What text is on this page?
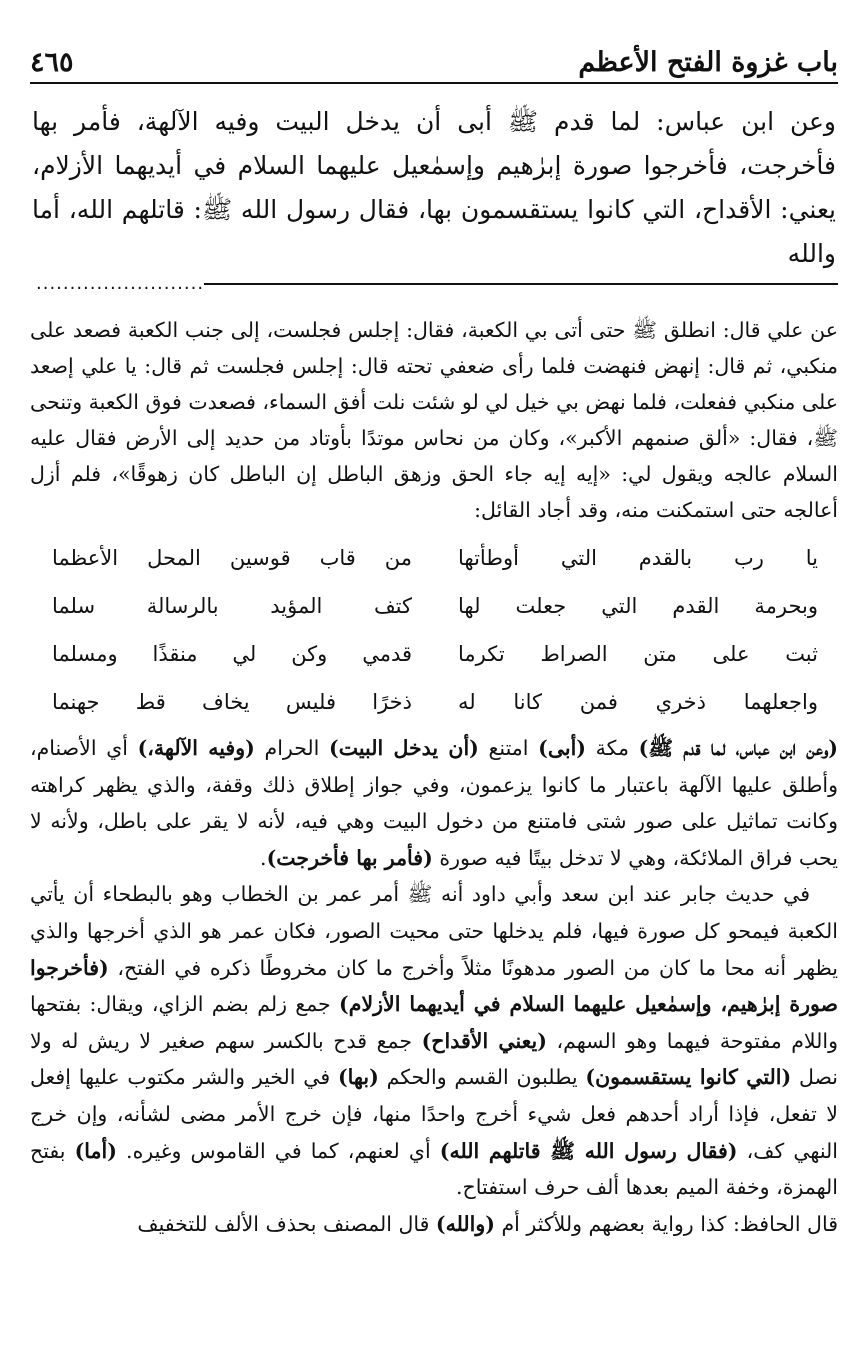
باب غزوة الفتح الأعظم
٤٦٥

وعن ابن عباس: لما قدم ﷺ أبى أن يدخل البيت وفيه الآلهة، فأمر بها فأخرجت، فأخرجوا صورة إبرٰهيم وإسمٰعيل عليهما السلام في أيديهما الأزلام، يعني: الأقداح، التي كانوا يستقسمون بها، فقال رسول الله ﷺ: قاتلهم الله، أما والله

.........................

عن علي قال: انطلق ﷺ حتى أتى بي الكعبة، فقال: إجلس فجلست، إلى جنب الكعبة فصعد على منكبي، ثم قال: إنهض فنهضت فلما رأى ضعفي تحته قال: إجلس فجلست ثم قال: يا علي إصعد على منكبي ففعلت، فلما نهض بي خيل لي لو شئت نلت أفق السماء، فصعدت فوق الكعبة وتنحى ﷺ، فقال: «ألق صنمهم الأكبر»، وكان من نحاس موتدًا بأوتاد من حديد إلى الأرض فقال عليه السلام عالجه ويقول لي: «إيه إيه جاء الحق وزهق الباطل إن الباطل كان زهوقًا»، فلم أزل أعالجه حتى استمكنت منه، وقد أجاد القائل:

يا رب بالقدم التي أوطأتها
من قاب قوسين المحل الأعظما
وبحرمة القدم التي جعلت لها
كتف المؤيد بالرسالة سلما
ثبت على متن الصراط تكرما
قدمي وكن لي منقذًا ومسلما
واجعلهما ذخري فمن كانا له
ذخرًا فليس يخاف قط جهنما

(وعن ابن عباس، لما قدم ﷺ) مكة (أبى) امتنع (أن يدخل البيت) الحرام (وفيه الآلهة،) أي الأصنام، وأطلق عليها الآلهة باعتبار ما كانوا يزعمون، وفي جواز إطلاق ذلك وقفة، والذي يظهر كراهته وكانت تماثيل على صور شتى فامتنع من دخول البيت وهي فيه، لأنه لا يقر على باطل، ولأنه لا يحب فراق الملائكة، وهي لا تدخل بيتًا فيه صورة (فأمر بها فأخرجت).

في حديث جابر عند ابن سعد وأبي داود أنه ﷺ أمر عمر بن الخطاب وهو بالبطحاء أن يأتي الكعبة فيمحو كل صورة فيها، فلم يدخلها حتى محيت الصور، فكان عمر هو الذي أخرجها والذي يظهر أنه محا ما كان من الصور مدهونًا مثلاً وأخرج ما كان مخروطًا ذكره في الفتح، (فأخرجوا صورة إبرٰهيم، وإسمٰعيل عليهما السلام في أيديهما الأزلام) جمع زلم بضم الزاي، ويقال: بفتحها واللام مفتوحة فيهما وهو السهم، (يعني الأقداح) جمع قدح بالكسر سهم صغير لا ريش له ولا نصل (التي كانوا يستقسمون) يطلبون القسم والحكم (بها) في الخير والشر مكتوب عليها إفعل لا تفعل، فإذا أراد أحدهم فعل شيء أخرج واحدًا منها، فإن خرج الأمر مضى لشأنه، وإن خرج النهي كف، (فقال رسول الله ﷺ قاتلهم الله) أي لعنهم، كما في القاموس وغيره. (أما) بفتح الهمزة، وخفة الميم بعدها ألف حرف استفتاح.

قال الحافظ: كذا رواية بعضهم وللأكثر أم (والله) قال المصنف بحذف الألف للتخفيف
